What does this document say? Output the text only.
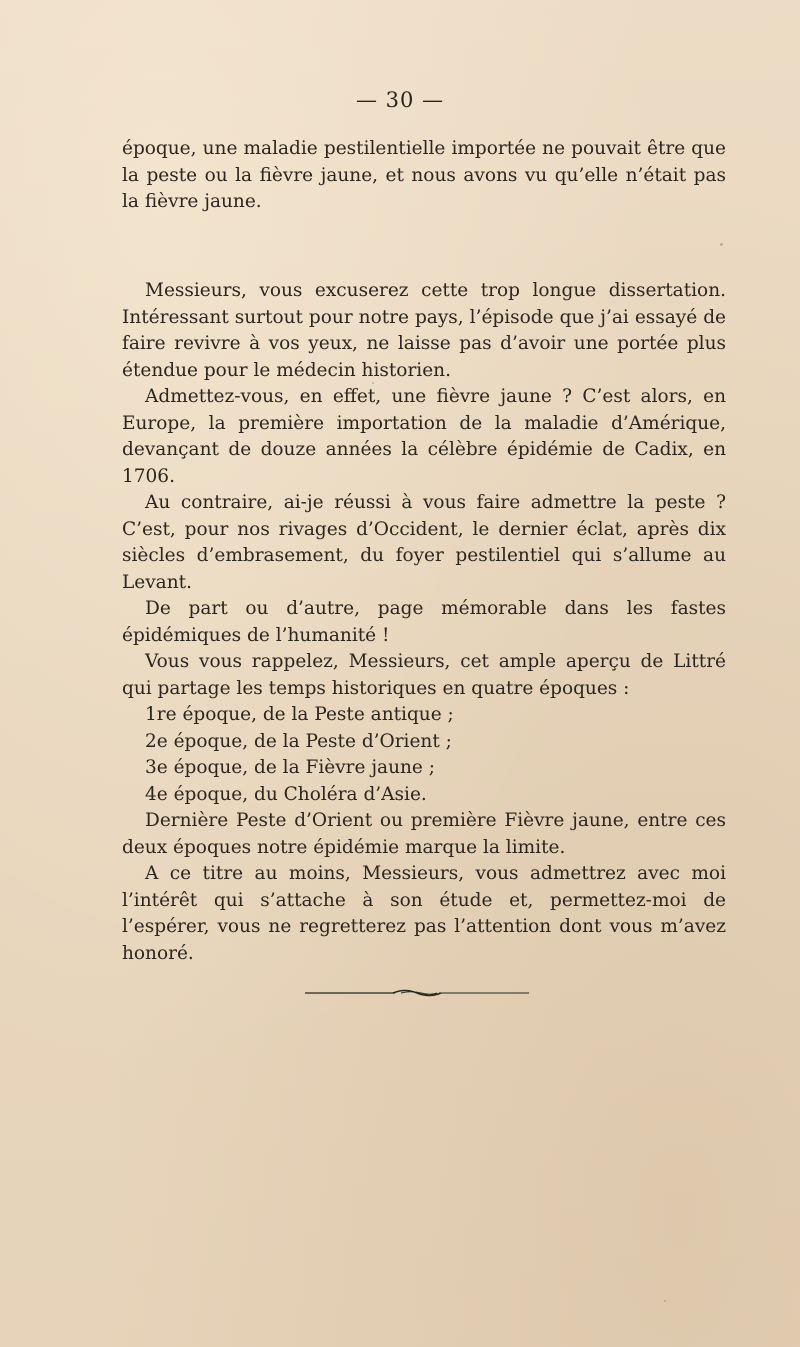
— 30 —

époque, une maladie pestilentielle importée ne pouvait être que la peste ou la fièvre jaune, et nous avons vu qu’elle n’était pas la fièvre jaune.

Messieurs, vous excuserez cette trop longue dissertation. Intéressant surtout pour notre pays, l’épisode que j’ai essayé de faire revivre à vos yeux, ne laisse pas d’avoir une portée plus étendue pour le médecin historien.

Admettez-vous, en effet, une fièvre jaune ? C’est alors, en Europe, la première importation de la maladie d’Amérique, devançant de douze années la célèbre épidémie de Cadix, en 1706.

Au contraire, ai-je réussi à vous faire admettre la peste ? C’est, pour nos rivages d’Occident, le dernier éclat, après dix siècles d’embrasement, du foyer pestilentiel qui s’allume au Levant.

De part ou d’autre, page mémorable dans les fastes épidémiques de l’humanité !

Vous vous rappelez, Messieurs, cet ample aperçu de Littré qui partage les temps historiques en quatre époques :

1re époque, de la Peste antique ;

2e époque, de la Peste d’Orient ;

3e époque, de la Fièvre jaune ;

4e époque, du Choléra d’Asie.

Dernière Peste d’Orient ou première Fièvre jaune, entre ces deux époques notre épidémie marque la limite.

A ce titre au moins, Messieurs, vous admettrez avec moi l’intérêt qui s’attache à son étude et, permettez-moi de l’espérer, vous ne regretterez pas l’attention dont vous m’avez honoré.
